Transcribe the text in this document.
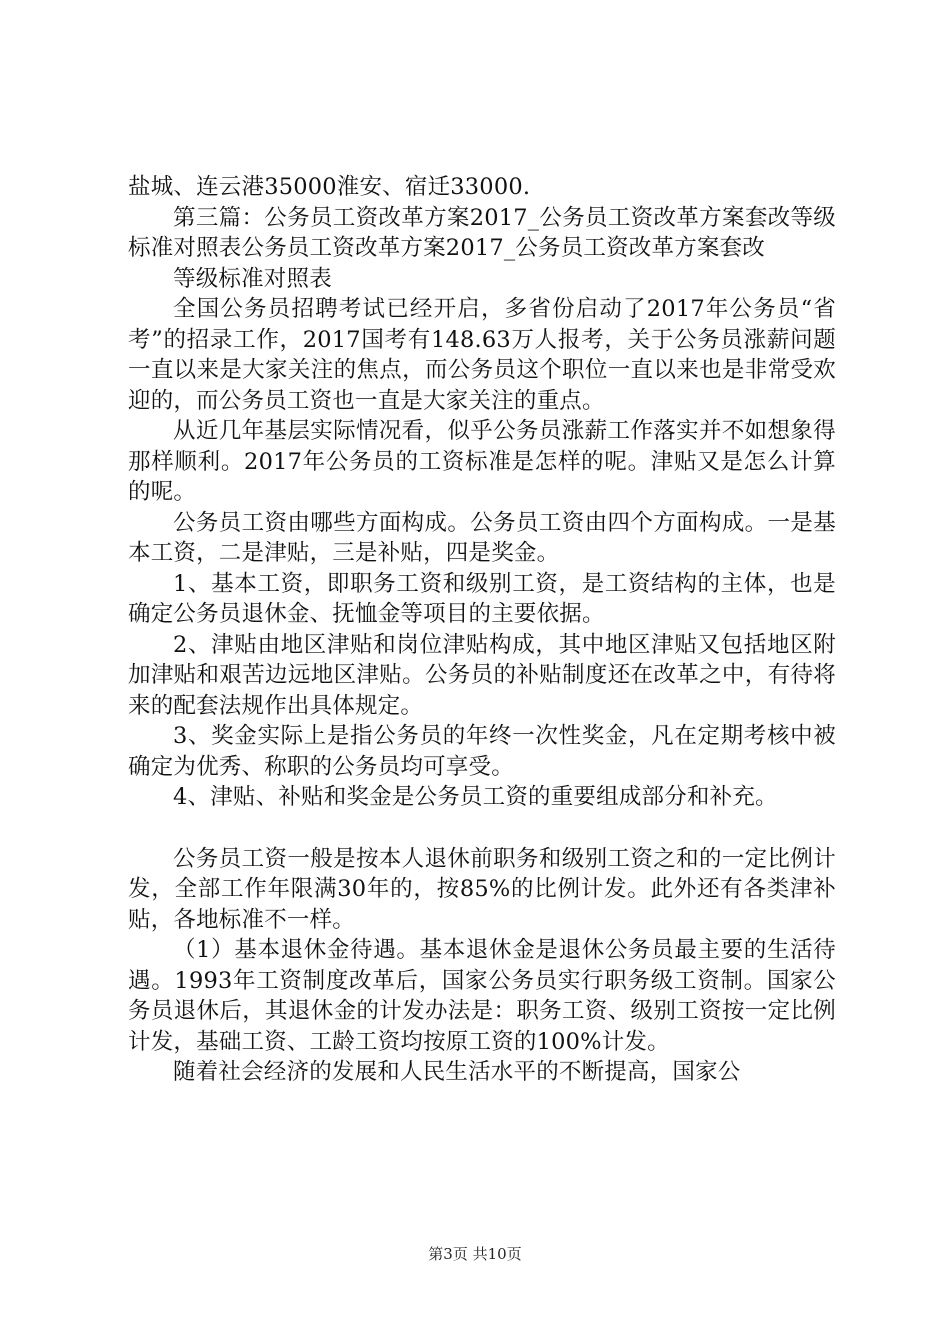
盐城、连云港35000淮安、宿迁33000.

第三篇：公务员工资改革方案2017_公务员工资改革方案套改等级标准对照表公务员工资改革方案2017_公务员工资改革方案套改

等级标准对照表

全国公务员招聘考试已经开启，多省份启动了2017年公务员“省考”的招录工作，2017国考有148.63万人报考，关于公务员涨薪问题一直以来是大家关注的焦点，而公务员这个职位一直以来也是非常受欢迎的，而公务员工资也一直是大家关注的重点。

从近几年基层实际情况看，似乎公务员涨薪工作落实并不如想象得那样顺利。2017年公务员的工资标准是怎样的呢。津贴又是怎么计算的呢。

公务员工资由哪些方面构成。公务员工资由四个方面构成。一是基本工资，二是津贴，三是补贴，四是奖金。

1、基本工资，即职务工资和级别工资，是工资结构的主体，也是确定公务员退休金、抚恤金等项目的主要依据。

2、津贴由地区津贴和岗位津贴构成，其中地区津贴又包括地区附加津贴和艰苦边远地区津贴。公务员的补贴制度还在改革之中，有待将来的配套法规作出具体规定。

3、奖金实际上是指公务员的年终一次性奖金，凡在定期考核中被确定为优秀、称职的公务员均可享受。

4、津贴、补贴和奖金是公务员工资的重要组成部分和补充。

公务员工资一般是按本人退休前职务和级别工资之和的一定比例计发，全部工作年限满30年的，按85%的比例计发。此外还有各类津补贴，各地标准不一样。

（1）基本退休金待遇。基本退休金是退休公务员最主要的生活待遇。1993年工资制度改革后，国家公务员实行职务级工资制。国家公务员退休后，其退休金的计发办法是：职务工资、级别工资按一定比例计发，基础工资、工龄工资均按原工资的100%计发。

随着社会经济的发展和人民生活水平的不断提高，国家公

第3页 共10页
